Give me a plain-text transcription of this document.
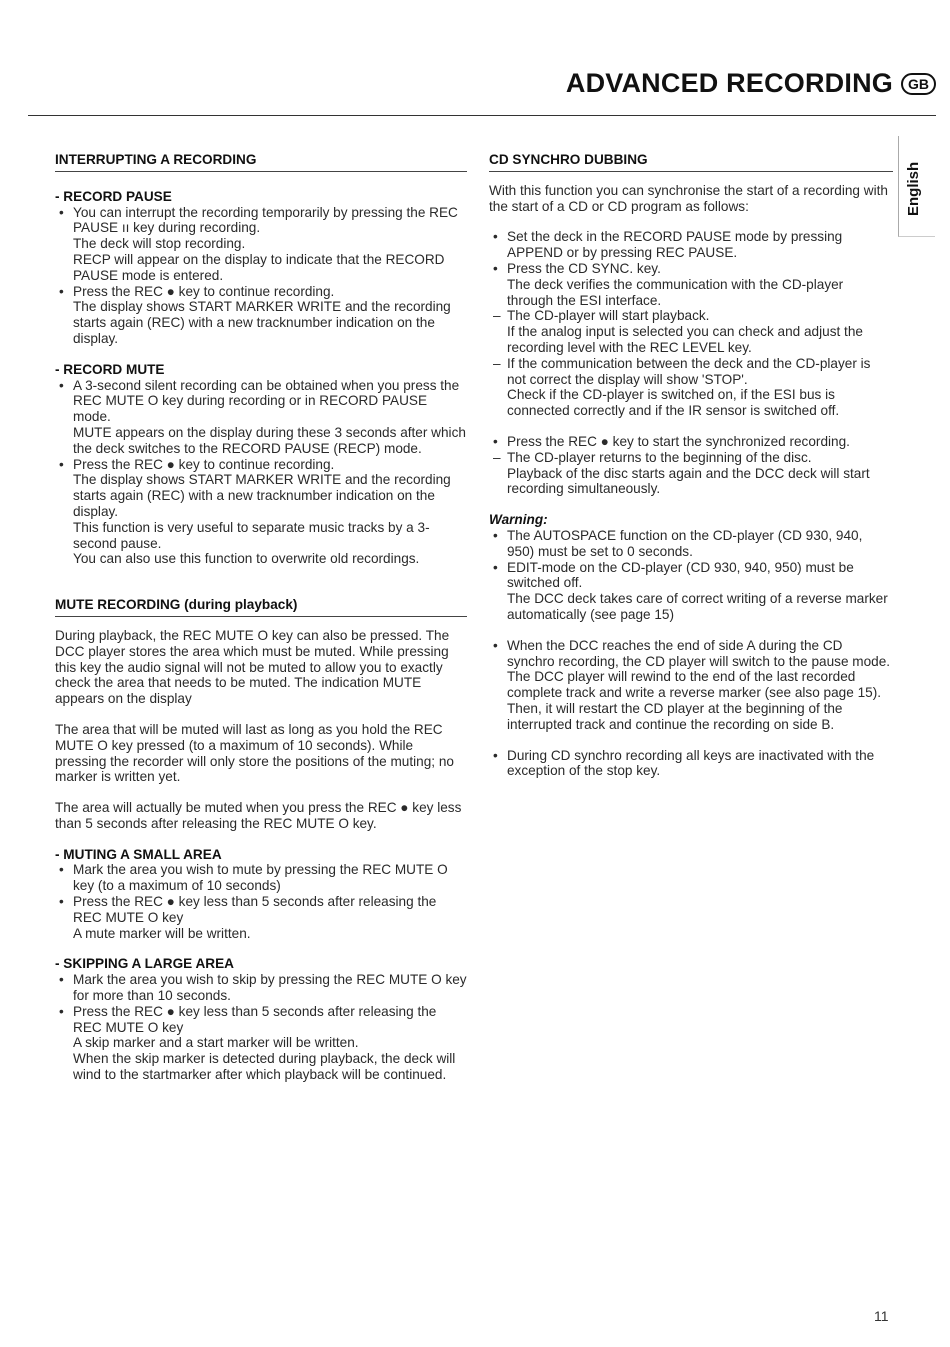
ADVANCED RECORDING	GB
English
INTERRUPTING A RECORDING

- RECORD PAUSE

• You can interrupt the recording temporarily by pressing the REC PAUSE ıı key during recording.
The deck will stop recording.
RECP will appear on the display to indicate that the RECORD PAUSE mode is entered.
• Press the REC ● key to continue recording.
The display shows START MARKER WRITE and the recording starts again (REC) with a new tracknumber indication on the display.

- RECORD MUTE

• A 3-second silent recording can be obtained when you press the REC MUTE O key during recording or in RECORD PAUSE mode.
MUTE appears on the display during these 3 seconds after which the deck switches to the RECORD PAUSE (RECP) mode.
• Press the REC ● key to continue recording.
The display shows START MARKER WRITE and the recording starts again (REC) with a new tracknumber indication on the display.
This function is very useful to separate music tracks by a 3-second pause.
You can also use this function to overwrite old recordings.
MUTE RECORDING (during playback)

During playback, the REC MUTE O key can also be pressed. The DCC player stores the area which must be muted. While pressing this key the audio signal will not be muted to allow you to exactly check the area that needs to be muted. The indication MUTE appears on the display

The area that will be muted will last as long as you hold the REC MUTE O key pressed (to a maximum of 10 seconds). While pressing the recorder will only store the positions of the muting; no marker is written yet.

The area will actually be muted when you press the REC ● key less than 5 seconds after releasing the REC MUTE O key.

- MUTING A SMALL AREA

• Mark the area you wish to mute by pressing the REC MUTE O key (to a maximum of 10 seconds)
• Press the REC ● key less than 5 seconds after releasing the REC MUTE O key
A mute marker will be written.

- SKIPPING A LARGE AREA

• Mark the area you wish to skip by pressing the REC MUTE O key for more than 10 seconds.
• Press the REC ● key less than 5 seconds after releasing the REC MUTE O key
A skip marker and a start marker will be written.
When the skip marker is detected during playback, the deck will wind to the startmarker after which playback will be continued.
CD SYNCHRO DUBBING

With this function you can synchronise the start of a recording with the start of a CD or CD program as follows:

• Set the deck in the RECORD PAUSE mode by pressing APPEND or by pressing REC PAUSE.
• Press the CD SYNC. key.
The deck verifies the communication with the CD-player through the ESI interface.
– The CD-player will start playback.
If the analog input is selected you can check and adjust the recording level with the REC LEVEL key.
– If the communication between the deck and the CD-player is not correct the display will show 'STOP'.
Check if the CD-player is switched on, if the ESI bus is connected correctly and if the IR sensor is switched off.
• Press the REC ● key to start the synchronized recording.
– The CD-player returns to the beginning of the disc.
Playback of the disc starts again and the DCC deck will start recording simultaneously.

Warning:

• The AUTOSPACE function on the CD-player (CD 930, 940, 950) must be set to 0 seconds.
• EDIT-mode on the CD-player (CD 930, 940, 950) must be switched off.
The DCC deck takes care of correct writing of a reverse marker automatically (see page 15)
• When the DCC reaches the end of side A during the CD synchro recording, the CD player will switch to the pause mode.
The DCC player will rewind to the end of the last recorded complete track and write a reverse marker (see also page 15). Then, it will restart the CD player at the beginning of the interrupted track and continue the recording on side B.
• During CD synchro recording all keys are inactivated with the exception of the stop key.
11
